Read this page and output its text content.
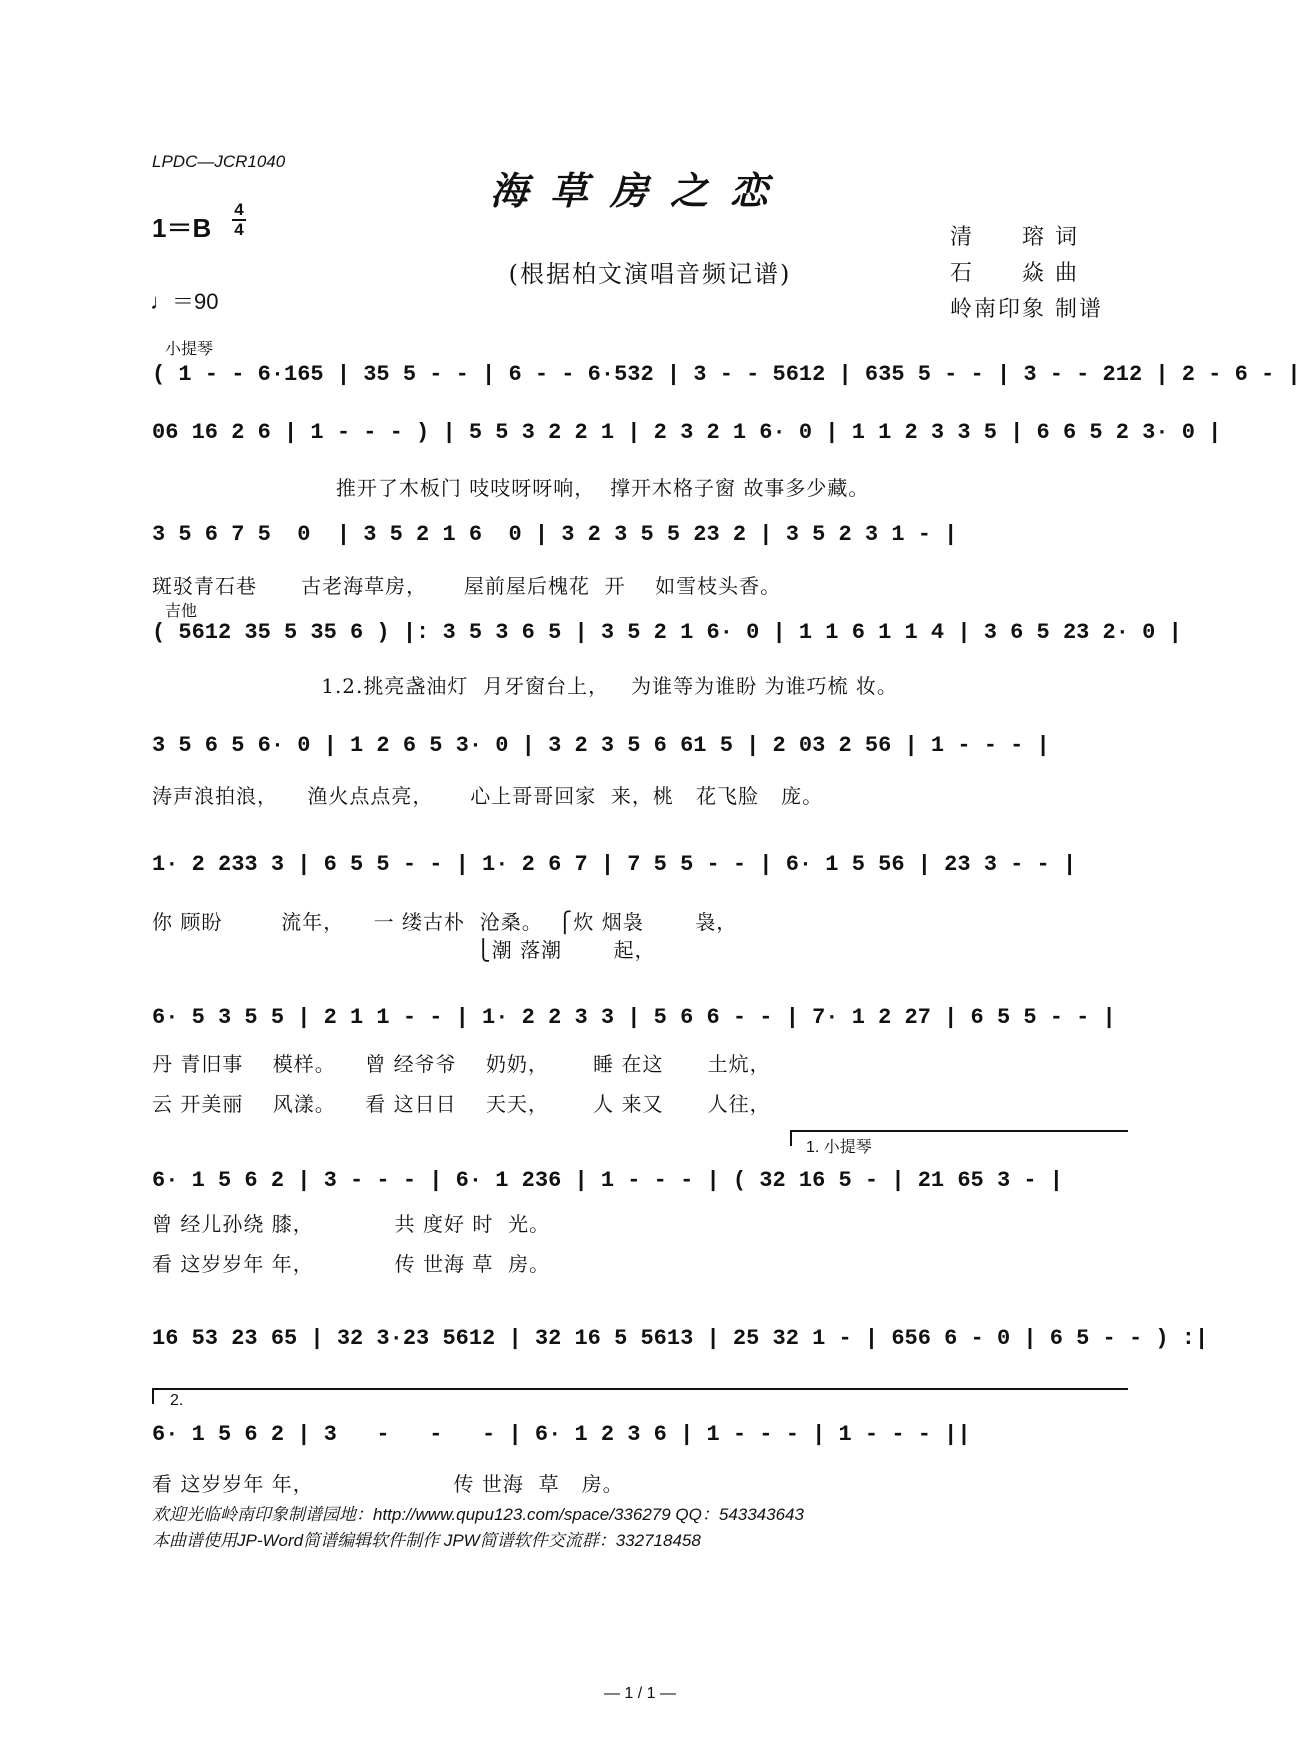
LPDC—JCR1040
海草房之恋
(根据柏文演唱音频记谱)
1＝B
4
4
♩＝90
清　　瑢 词
石　　焱 曲
岭南印象 制谱
小提琴
吉他
( 1 - - 6·165 | 35 5 - - | 6 - - 6·532 | 3 - - 5612 | 635 5 - - | 3 - - 212 | 2 - 6 - |
06 16 2 6 | 1 - - - ) | 5 5 3 2 2 1 | 2 3 2 1 6· 0 | 1 1 2 3 3 5 | 6 6 5 2 3· 0 |
推开了木板门 吱吱呀呀响，  撑开木格子窗 故事多少藏。
3 5 6 7 5  0  | 3 5 2 1 6  0 | 3 2 3 5 5 23 2 | 3 5 2 3 1 - |
斑驳青石巷      古老海草房，     屋前屋后槐花  开    如雪枝头香。
( 5612 35 5 35 6 ) |: 3 5 3 6 5 | 3 5 2 1 6· 0 | 1 1 6 1 1 4 | 3 6 5 23 2· 0 |
1.2.挑亮盏油灯  月牙窗台上，   为谁等为谁盼 为谁巧梳 妆。
3 5 6 5 6· 0 | 1 2 6 5 3· 0 | 3 2 3 5 6 61 5 | 2 03 2 56 | 1 - - - |
涛声浪拍浪，    渔火点点亮，     心上哥哥回家  来，桃   花飞脸   庞。
1· 2 233 3 | 6 5 5 - - | 1· 2 6 7 | 7 5 5 - - | 6· 1 5 56 | 23 3 - - |
你 顾盼        流年，    一 缕古朴  沧桑。  ⎧炊 烟袅       袅，
⎩潮 落潮       起，
6· 5 3 5 5 | 2 1 1 - - | 1· 2 2 3 3 | 5 6 6 - - | 7· 1 2 27 | 6 5 5 - - |
丹 青旧事    模样。    曾 经爷爷    奶奶，      睡 在这      土炕，
云 开美丽    风漾。    看 这日日    天天，      人 来又      人往，
1. 小提琴
6· 1 5 6 2 | 3 - - - | 6· 1 236 | 1 - - - | ( 32 16 5 - | 21 65 3 - |
曾 经儿孙绕 膝，           共 度好 时  光。
看 这岁岁年 年，           传 世海 草  房。
16 53 23 65 | 32 3·23 5612 | 32 16 5 5613 | 25 32 1 - | 656 6 - 0 | 6 5 - - ) :|
2.
6· 1 5 6 2 | 3   -   -   - | 6· 1 2 3 6 | 1 - - - | 1 - - - ||
看 这岁岁年 年，                   传 世海  草   房。
欢迎光临岭南印象制谱园地：http://www.qupu123.com/space/336279 QQ：543343643
本曲谱使用JP-Word简谱编辑软件制作 JPW简谱软件交流群：332718458
— 1 / 1 —
